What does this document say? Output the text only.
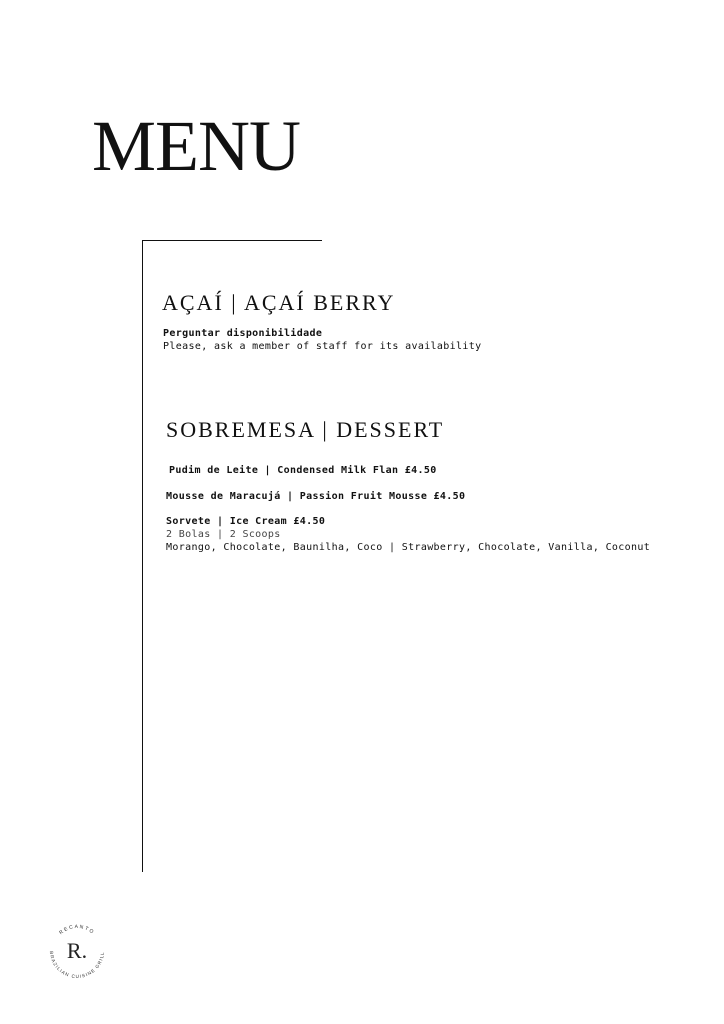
MENU
AÇAÍ | AÇAÍ BERRY

Perguntar disponibilidade

Please, ask a member of staff for its availability

SOBREMESA | DESSERT

Pudim de Leite | Condensed Milk Flan £4.50

Mousse de Maracujá | Passion Fruit Mousse £4.50

Sorvete | Ice Cream £4.50

2 Bolas | 2 Scoops

Morango, Chocolate, Baunilha, Coco | Strawberry, Chocolate, Vanilla, Coconut

RECANTO
BRAZILIAN CUISINE GRILL
R.
